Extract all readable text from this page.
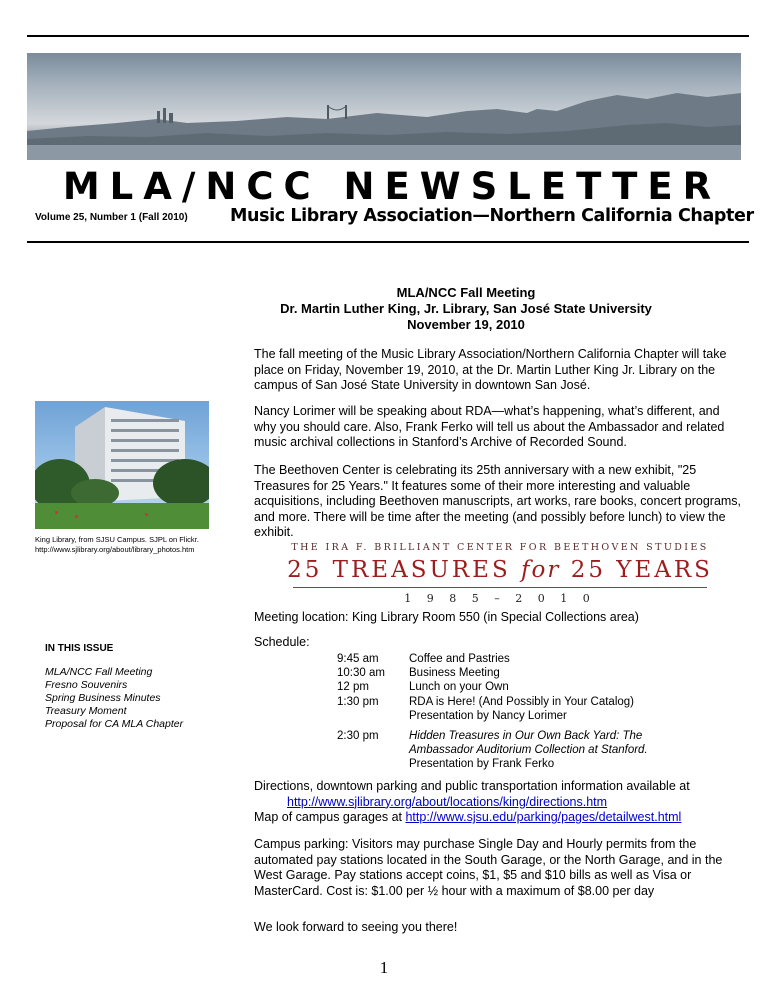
MLA/NCC NEWSLETTER
Volume 25, Number 1 (Fall 2010) Music Library Association—Northern California Chapter
MLA/NCC Fall Meeting
Dr. Martin Luther King, Jr. Library, San José State University
November 19, 2010
The fall meeting of the Music Library Association/Northern California Chapter will take place on Friday, November 19, 2010, at the Dr. Martin Luther King Jr. Library on the campus of San José State University in downtown San José.
Nancy Lorimer will be speaking about RDA—what’s happening, what’s different, and why you should care. Also, Frank Ferko will tell us about the Ambassador and related music archival collections in Stanford’s Archive of Recorded Sound.
The Beethoven Center is celebrating its 25th anniversary with a new exhibit, "25 Treasures for 25 Years." It features some of their more interesting and valuable acquisitions, including Beethoven manuscripts, art works, rare books, concert programs, and more. There will be time after the meeting (and possibly before lunch) to view the exhibit.
King Library, from SJSU Campus. SJPL on Flickr.
http://www.sjlibrary.org/about/library_photos.htm	THE IRA F. BRILLIANT CENTER FOR BEETHOVEN STUDIES
25 TREASURES for 25 YEARS
1 9 8 5 – 2 0 1 0
Meeting location: King Library Room 550 (in Special Collections area)
IN THIS ISSUE
MLA/NCC Fall Meeting
Fresno Souvenirs
Spring Business Minutes
Treasury Moment
Proposal for CA MLA Chapter
Schedule:
9:45 am	Coffee and Pastries
10:30 am	Business Meeting
12 pm	Lunch on your Own
1:30 pm	RDA is Here! (And Possibly in Your Catalog)
Presentation by Nancy Lorimer
2:30 pm	Hidden Treasures in Our Own Back Yard: The
Ambassador Auditorium Collection at Stanford.
Presentation by Frank Ferko
Directions, downtown parking and public transportation information available at
http://www.sjlibrary.org/about/locations/king/directions.htm
Map of campus garages at http://www.sjsu.edu/parking/pages/detailwest.html
Campus parking: Visitors may purchase Single Day and Hourly permits from the automated pay stations located in the South Garage, or the North Garage, and in the West Garage. Pay stations accept coins, $1, $5 and $10 bills as well as Visa or MasterCard. Cost is: $1.00 per ½ hour with a maximum of $8.00 per day
We look forward to seeing you there!
1
